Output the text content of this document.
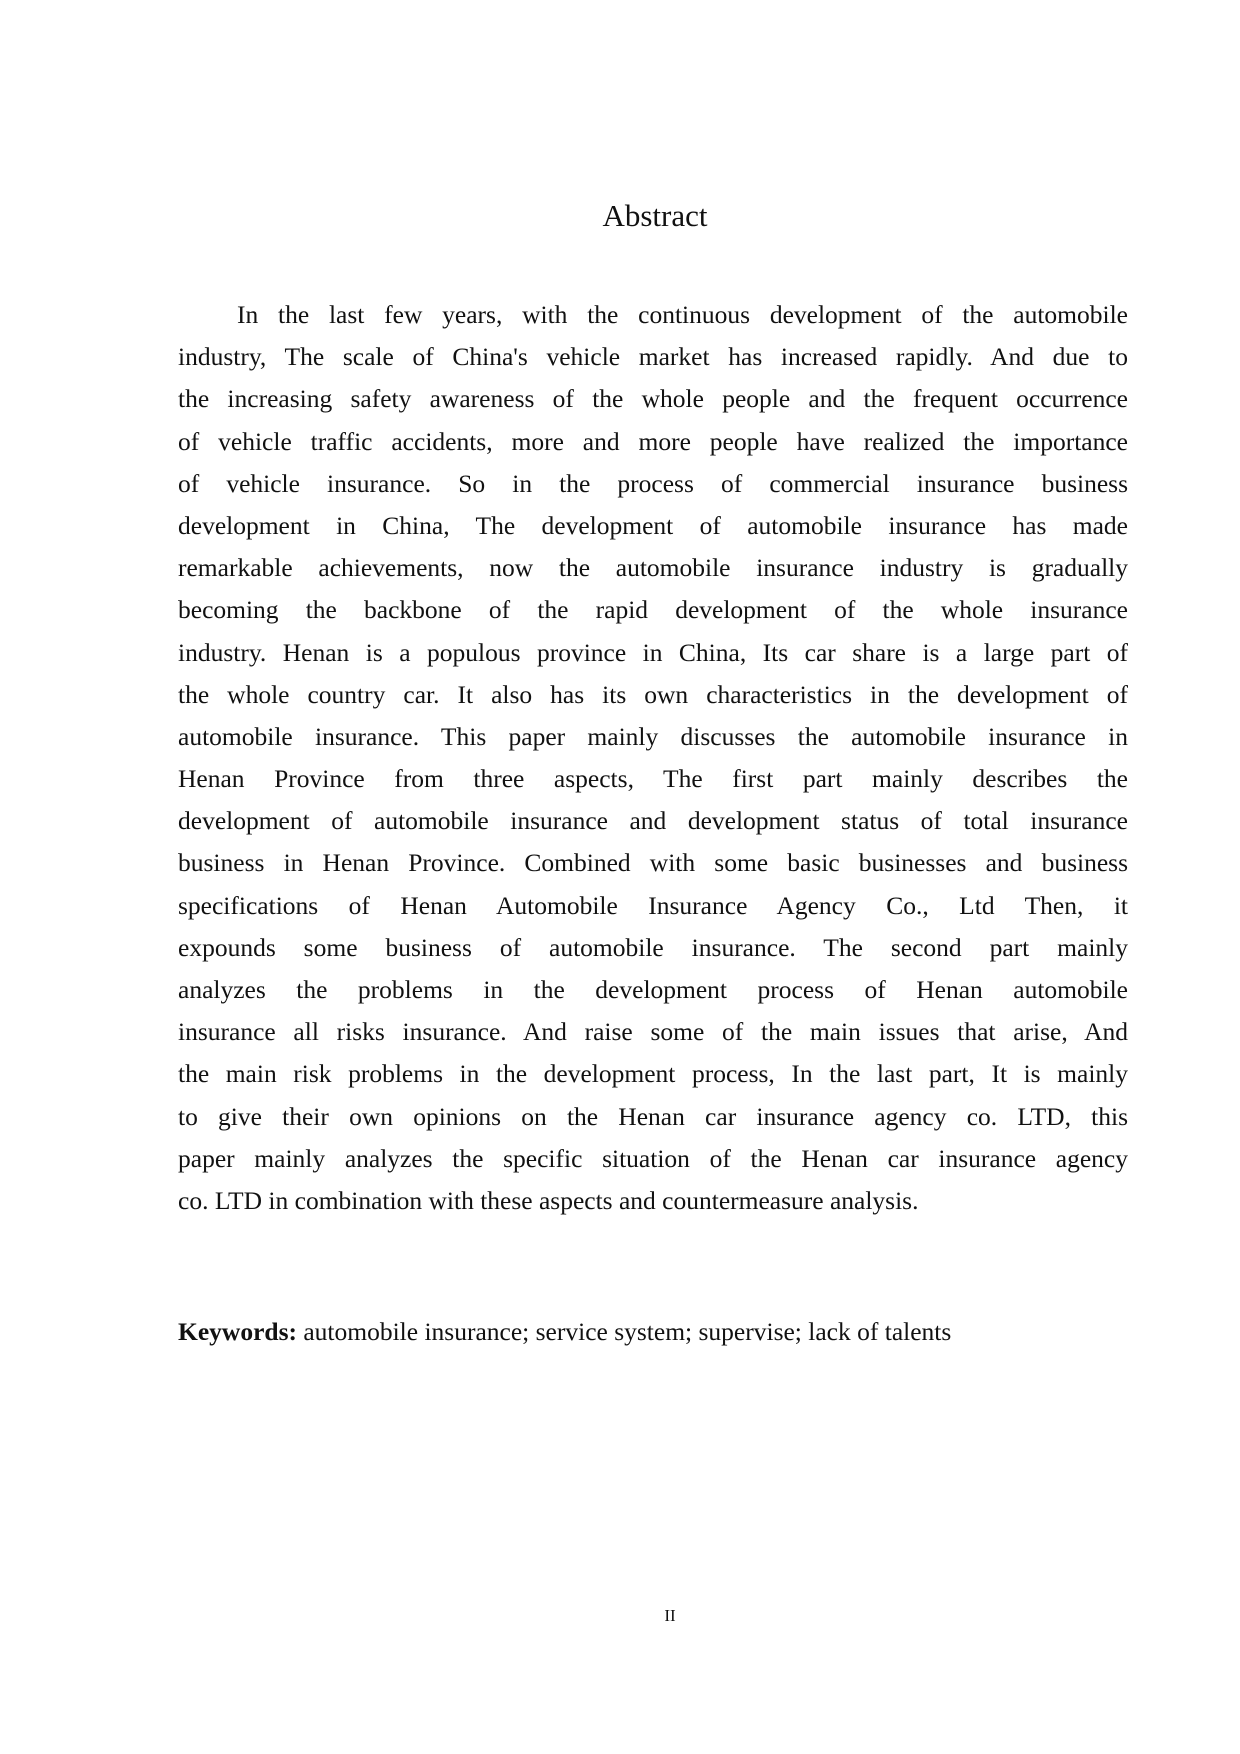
Abstract
In the last few years, with the continuous development of the automobile
industry, The scale of China's vehicle market has increased rapidly. And due to
the increasing safety awareness of the whole people and the frequent occurrence
of vehicle traffic accidents, more and more people have realized the importance
of vehicle insurance. So in the process of commercial insurance business
development in China, The development of automobile insurance has made
remarkable achievements, now the automobile insurance industry is gradually
becoming the backbone of the rapid development of the whole insurance
industry. Henan is a populous province in China, Its car share is a large part of
the whole country car. It also has its own characteristics in the development of
automobile insurance. This paper mainly discusses the automobile insurance in
Henan Province from three aspects, The first part mainly describes the
development of automobile insurance and development status of total insurance
business in Henan Province. Combined with some basic businesses and business
specifications of Henan Automobile Insurance Agency Co., Ltd Then, it
expounds some business of automobile insurance. The second part mainly
analyzes the problems in the development process of Henan automobile
insurance all risks insurance. And raise some of the main issues that arise, And
the main risk problems in the development process, In the last part, It is mainly
to give their own opinions on the Henan car insurance agency co. LTD, this
paper mainly analyzes the specific situation of the Henan car insurance agency
co. LTD in combination with these aspects and countermeasure analysis.
Keywords: automobile insurance; service system; supervise; lack of talents
II
